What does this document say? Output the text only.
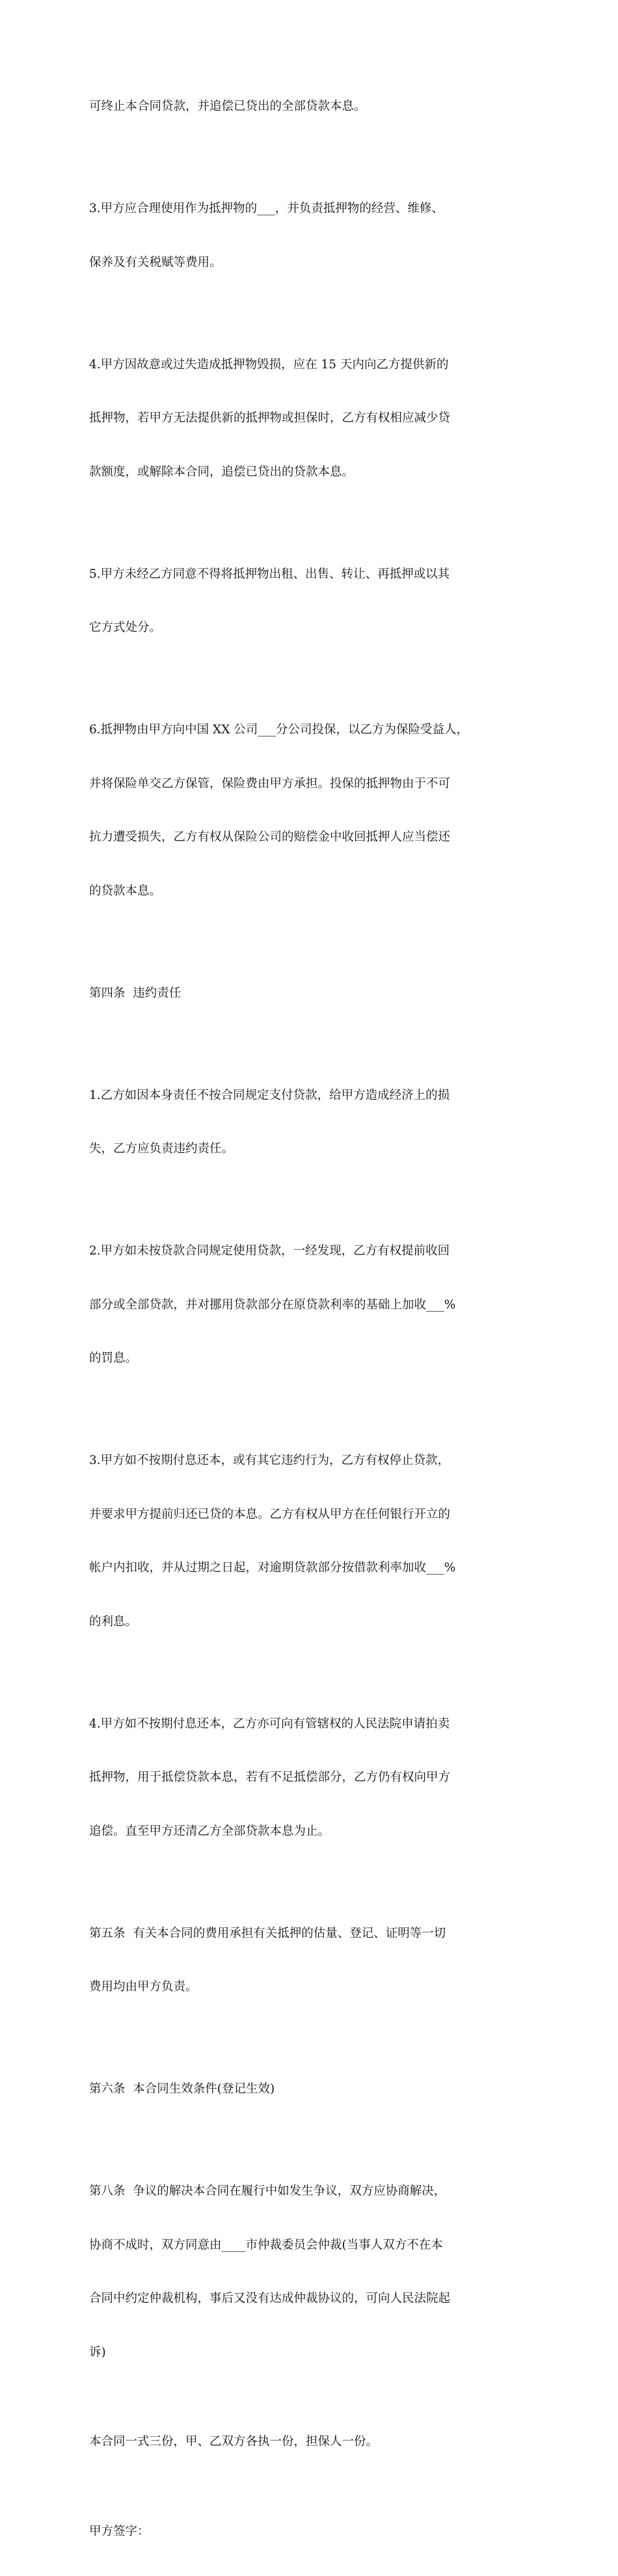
可终止本合同贷款，并追偿已贷出的全部贷款本息。

3.甲方应合理使用作为抵押物的___，并负责抵押物的经营、维修、

保养及有关税赋等费用。

4.甲方因故意或过失造成抵押物毁损，应在 15 天内向乙方提供新的

抵押物，若甲方无法提供新的抵押物或担保时，乙方有权相应减少贷

款额度，或解除本合同，追偿已贷出的贷款本息。

5.甲方未经乙方同意不得将抵押物出租、出售、转让、再抵押或以其

它方式处分。

6.抵押物由甲方向中国 XX 公司___分公司投保，以乙方为保险受益人，

并将保险单交乙方保管，保险费由甲方承担。投保的抵押物由于不可

抗力遭受损失，乙方有权从保险公司的赔偿金中收回抵押人应当偿还

的贷款本息。

第四条  违约责任

1.乙方如因本身责任不按合同规定支付贷款，给甲方造成经济上的损

失，乙方应负责违约责任。

2.甲方如未按贷款合同规定使用贷款，一经发现，乙方有权提前收回

部分或全部贷款，并对挪用贷款部分在原贷款利率的基础上加收___%

的罚息。

3.甲方如不按期付息还本，或有其它违约行为，乙方有权停止贷款，

并要求甲方提前归还已贷的本息。乙方有权从甲方在任何银行开立的

帐户内扣收，并从过期之日起，对逾期贷款部分按借款利率加收___%

的利息。

4.甲方如不按期付息还本，乙方亦可向有管辖权的人民法院申请拍卖

抵押物，用于抵偿贷款本息，若有不足抵偿部分，乙方仍有权向甲方

追偿。直至甲方还清乙方全部贷款本息为止。

第五条  有关本合同的费用承担有关抵押的估量、登记、证明等一切

费用均由甲方负责。

第六条  本合同生效条件(登记生效)

第八条  争议的解决本合同在履行中如发生争议，双方应协商解决，

协商不成时，双方同意由____市仲裁委员会仲裁(当事人双方不在本

合同中约定仲裁机构，事后又没有达成仲裁协议的，可向人民法院起

诉)

本合同一式三份，甲、乙双方各执一份，担保人一份。

甲方签字：
